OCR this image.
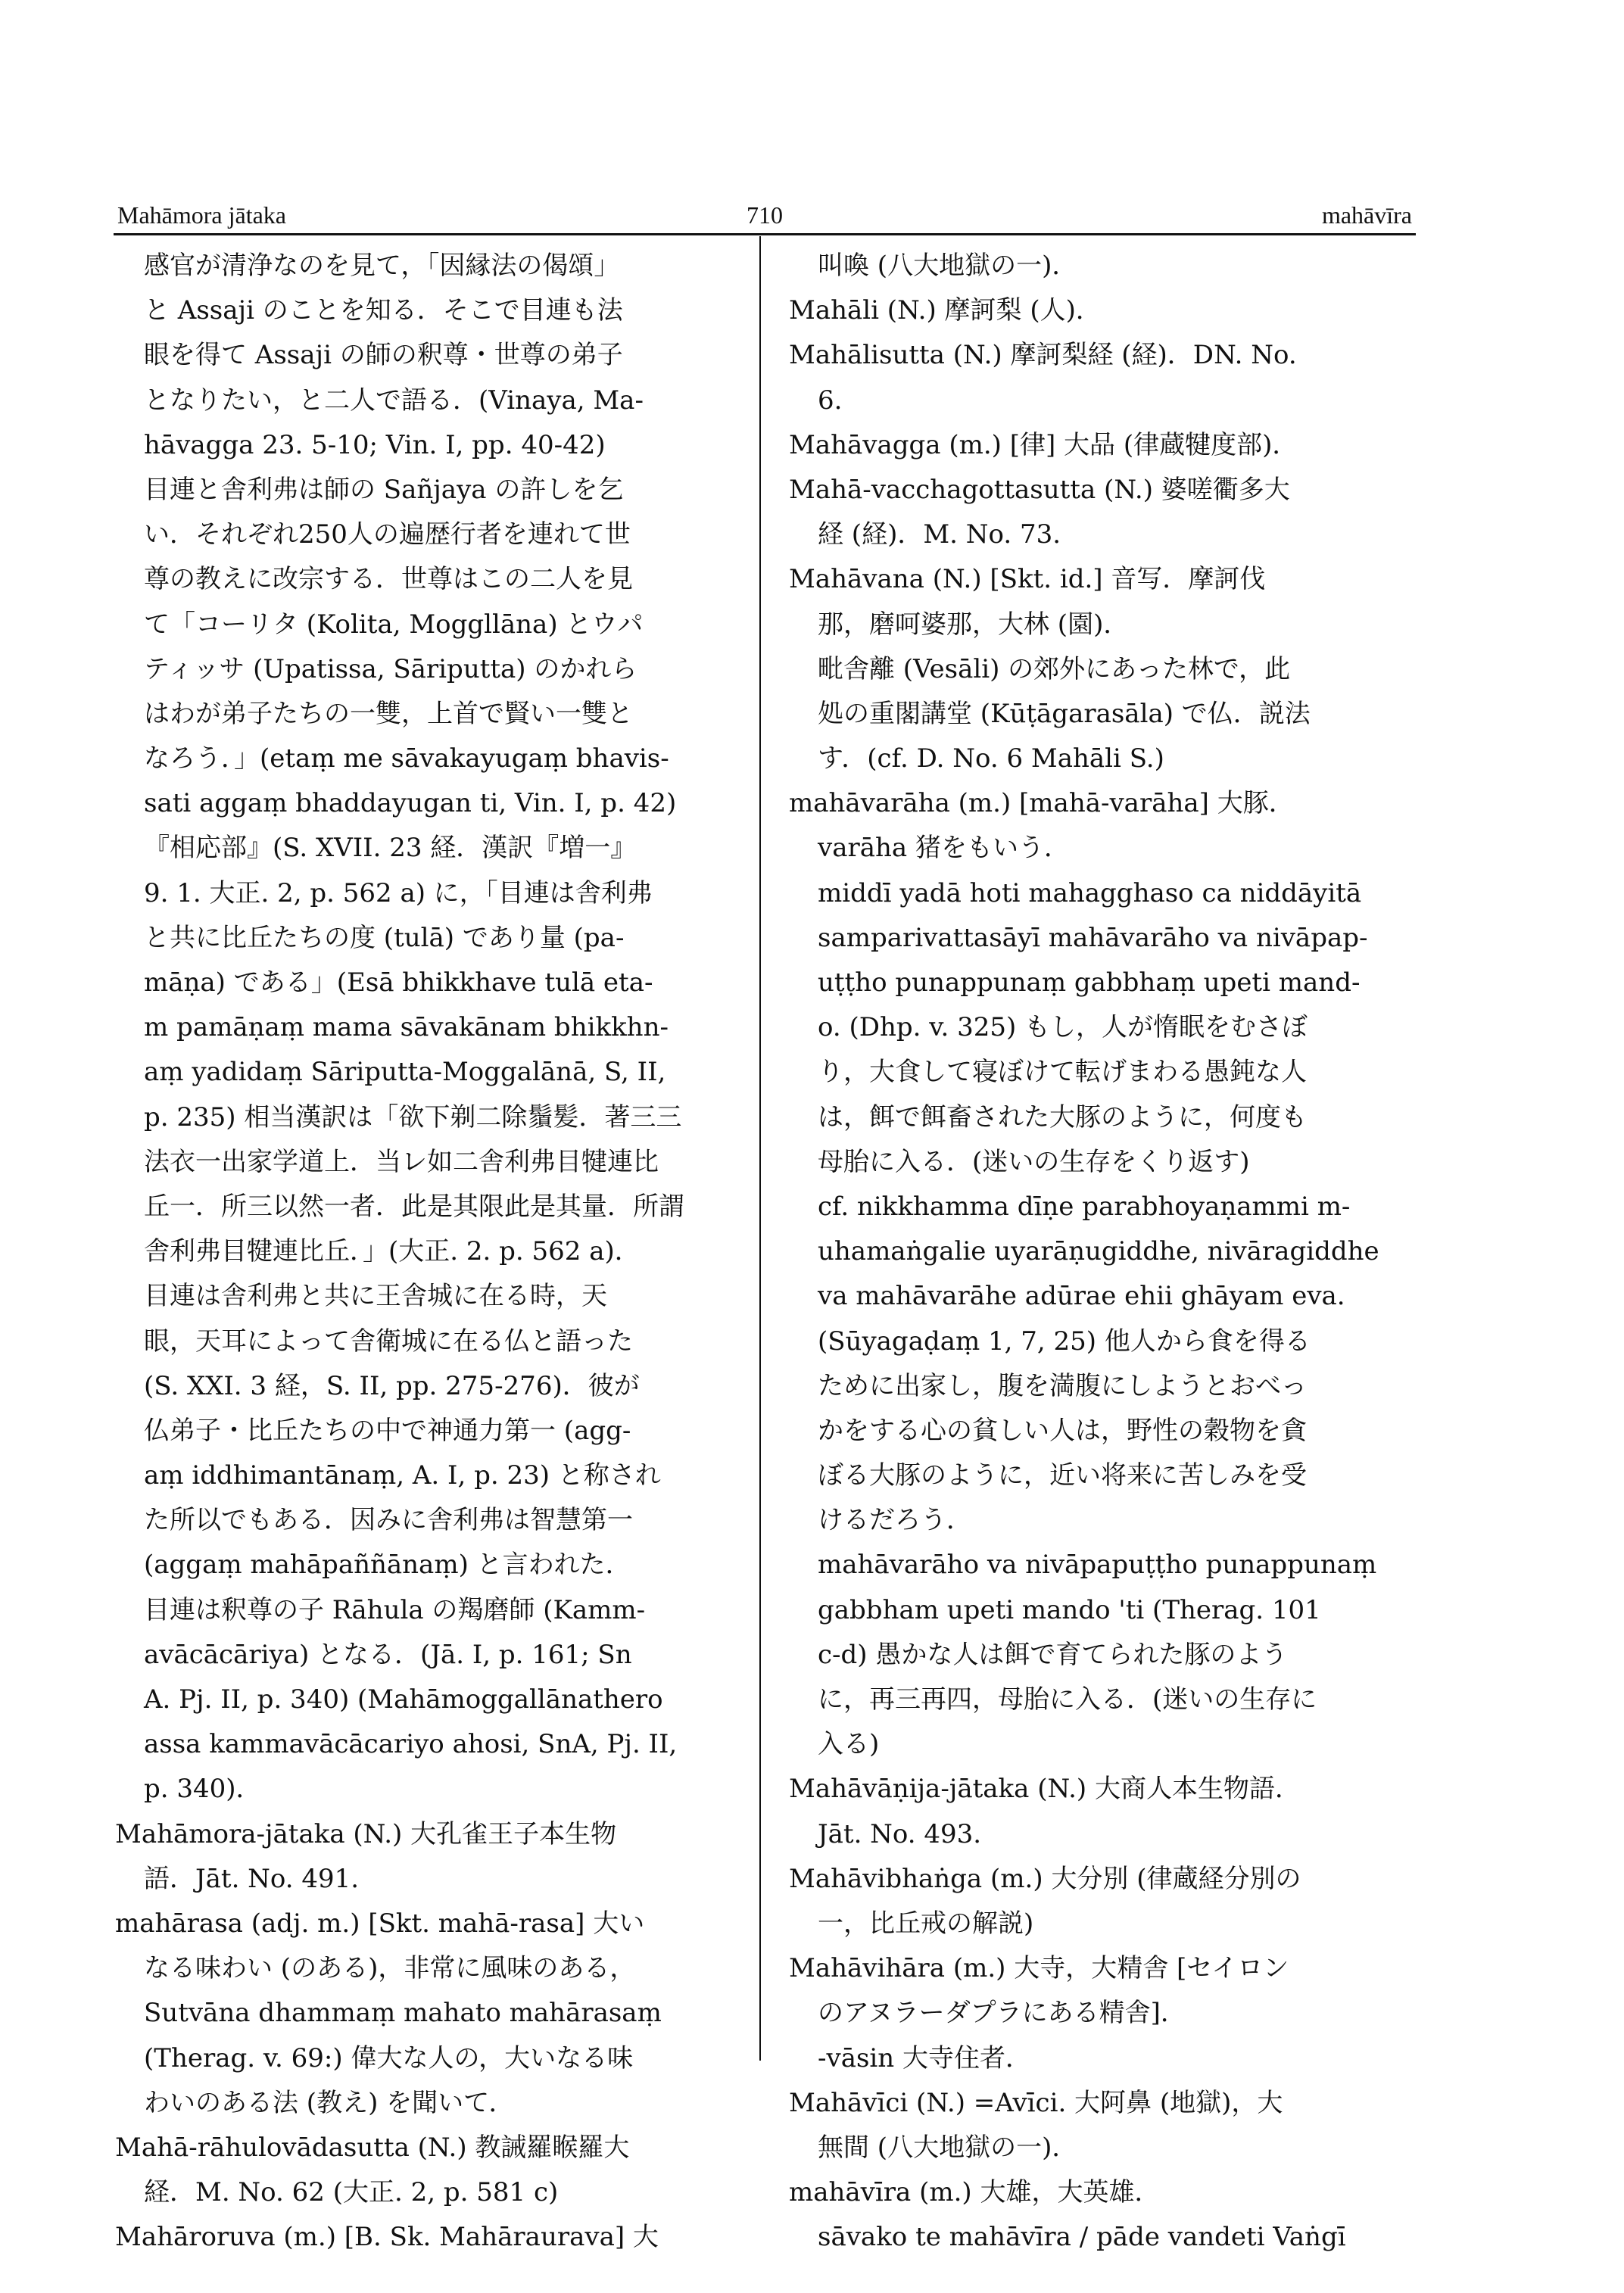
Mahāmora jātaka	710	mahāvīra
感官が清浄なのを見て，「因縁法の偈頌」
と Assaji のことを知る．そこで目連も法
眼を得て Assaji の師の釈尊・世尊の弟子
となりたい，と二人で語る．(Vinaya, Ma-
hāvagga 23. 5-10; Vin. I, pp. 40-42)
目連と舎利弗は師の Sañjaya の許しを乞
い．それぞれ250人の遍歴行者を連れて世
尊の教えに改宗する．世尊はこの二人を見
て「コーリタ (Kolita, Moggllāna) とウパ
ティッサ (Upatissa, Sāriputta) のかれら
はわが弟子たちの一雙，上首で賢い一雙と
なろう．」(etaṃ me sāvakayugaṃ bhavis-
sati aggaṃ bhaddayugan ti, Vin. I, p. 42)
『相応部』(S. XVII. 23 経．漢訳『増一』
9. 1. 大正. 2, p. 562 a) に，「目連は舎利弗
と共に比丘たちの度 (tulā) であり量 (pa-
māṇa) である」(Esā bhikkhave tulā eta-
m pamāṇaṃ mama sāvakānam bhikkhn-
aṃ yadidaṃ Sāriputta-Moggalānā, S, II,
p. 235) 相当漢訳は「欲下剃二除鬚髪．著三三
法衣一出家学道上．当レ如二舎利弗目犍連比
丘一．所三以然一者．此是其限此是其量．所謂
舎利弗目犍連比丘．」(大正. 2. p. 562 a)．
目連は舎利弗と共に王舎城に在る時，天
眼，天耳によって舎衛城に在る仏と語った
(S. XXI. 3 経，S. II, pp. 275-276)．彼が
仏弟子・比丘たちの中で神通力第一 (agg-
aṃ iddhimantānaṃ, A. I, p. 23) と称され
た所以でもある．因みに舎利弗は智慧第一
(aggaṃ mahāpaññānaṃ) と言われた．
目連は釈尊の子 Rāhula の羯磨師 (Kamm-
avācācāriya) となる．(Jā. I, p. 161; Sn
A. Pj. II, p. 340) (Mahāmoggallānathero
assa kammavācācariyo ahosi, SnA, Pj. II,
p. 340)．
Mahāmora-jātaka (N.) 大孔雀王子本生物
語．Jāt. No. 491.
mahārasa (adj. m.) [Skt. mahā-rasa] 大い
なる味わい (のある)，非常に風味のある，
Sutvāna dhammaṃ mahato mahārasaṃ
(Therag. v. 69:) 偉大な人の，大いなる味
わいのある法 (教え) を聞いて．
Mahā-rāhulovādasutta (N.) 教誡羅睺羅大
経．M. No. 62 (大正. 2, p. 581 c)
Mahāroruva (m.) [B. Sk. Mahāraurava] 大
叫喚 (八大地獄の一)．
Mahāli (N.) 摩訶梨 (人)．
Mahālisutta (N.) 摩訶梨経 (経)．DN. No.
6.
Mahāvagga (m.) [律] 大品 (律蔵犍度部)．
Mahā-vacchagottasutta (N.) 婆嗟衢多大
経 (経)．M. No. 73.
Mahāvana (N.) [Skt. id.] 音写．摩訶伐
那，磨呵婆那，大林 (園)．
毗舎離 (Vesāli) の郊外にあった林で，此
処の重閣講堂 (Kūṭāgarasāla) で仏．説法
す．(cf. D. No. 6 Mahāli S.)
mahāvarāha (m.) [mahā-varāha] 大豚．
varāha 猪をもいう．
middī yadā hoti mahagghaso ca niddāyitā
samparivattasāyī mahāvarāho va nivāpap-
uṭṭho punappunaṃ gabbhaṃ upeti mand-
o. (Dhp. v. 325) もし，人が惰眠をむさぼ
り，大食して寝ぼけて転げまわる愚鈍な人
は，餌で餌畜された大豚のように，何度も
母胎に入る．(迷いの生存をくり返す)
cf. nikkhamma dīṇe parabhoyaṇammi m-
uhamaṅgalie uyarāṇugiddhe, nivāragiddhe
va mahāvarāhe adūrae ehii ghāyam eva.
(Sūyagaḍaṃ 1, 7, 25) 他人から食を得る
ために出家し，腹を満腹にしようとおべっ
かをする心の貧しい人は，野性の穀物を貪
ぼる大豚のように，近い将来に苦しみを受
けるだろう．
mahāvarāho va nivāpapuṭṭho punappunaṃ
gabbham upeti mando 'ti (Therag. 101
c-d) 愚かな人は餌で育てられた豚のよう
に，再三再四，母胎に入る．(迷いの生存に
入る)
Mahāvāṇija-jātaka (N.) 大商人本生物語．
Jāt. No. 493.
Mahāvibhaṅga (m.) 大分別 (律蔵経分別の
一，比丘戒の解説)
Mahāvihāra (m.) 大寺，大精舎 [セイロン
のアヌラーダプラにある精舎]．
-vāsin 大寺住者．
Mahāvīci (N.) =Avīci. 大阿鼻 (地獄)，大
無間 (八大地獄の一)．
mahāvīra (m.) 大雄，大英雄．
sāvako te mahāvīra / pāde vandeti Vaṅgī
